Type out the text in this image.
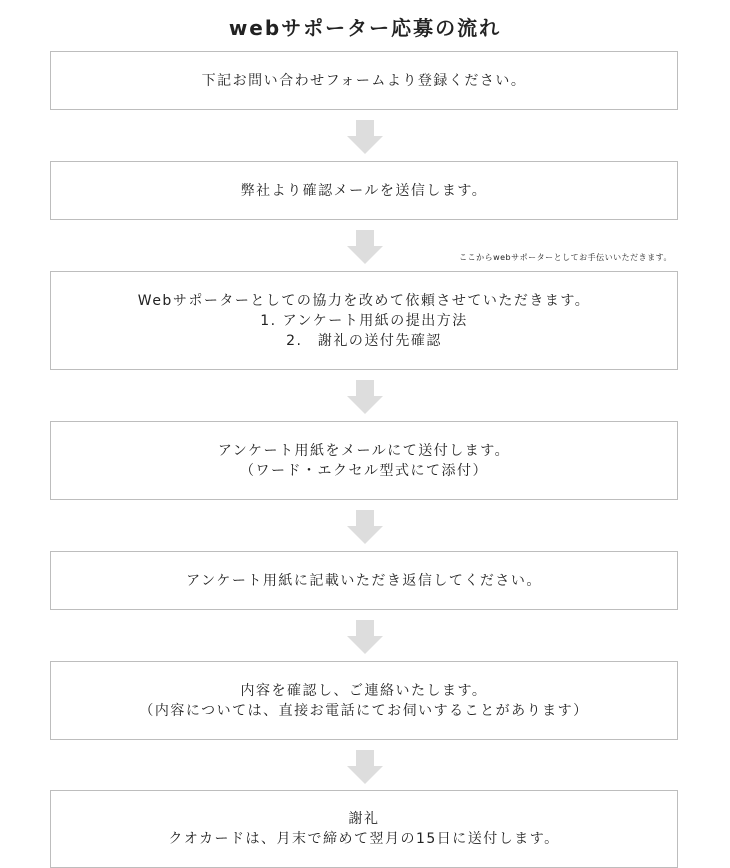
webサポーター応募の流れ
下記お問い合わせフォームより登録ください。
弊社より確認メールを送信します。
ここからwebサポーターとしてお手伝いいただきます。
Webサポーターとしての協力を改めて依頼させていただきます。
1. アンケート用紙の提出方法
2.　謝礼の送付先確認
アンケート用紙をメールにて送付します。
（ワード・エクセル型式にて添付）
アンケート用紙に記載いただき返信してください。
内容を確認し、ご連絡いたします。
（内容については、直接お電話にてお伺いすることがあります）
謝礼
クオカードは、月末で締めて翌月の15日に送付します。
